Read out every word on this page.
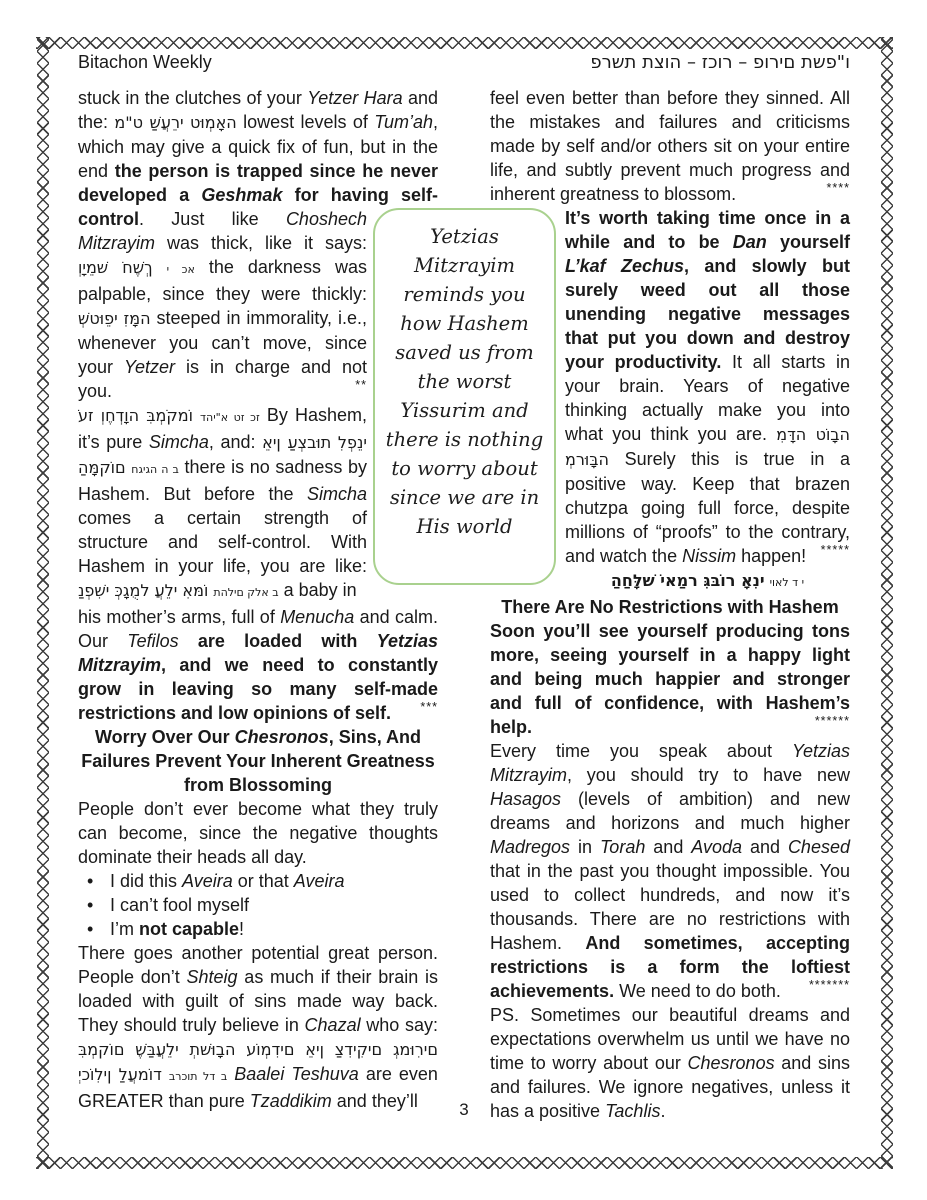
Bitachon Weekly	פרשת תצוה – זכור – פורים תשפ"ו

stuck in the clutches of your Yetzer Hara and the: מ"ט שַׁעֲרֵי טוּמְאָה lowest levels of Tum’ah, which may give a quick fix of fun, but in the end the person is trapped since he never developed a Geshmak for having self-

control. Just like Choshech Mitzrayim was thick, like it says: וְיָמֵשׁ חֹשֶׁךְ י כא the darkness was palpable, since they were thickly: שְׁטוּפֵי זִמָּה steeped in immorality, i.e., whenever you can’t move, since your Yetzer is in charge and not you.	**

עֹז וְחֶדְוָה בִּמְקֹמוֹ דהי"א טז כז By Hashem, it’s pure Simcha, and: אֵין עַצְבוּת לִפְנֵי הַמָּקוֹם חגיגה ה ב there is no sadness by Hashem. But before the Simcha comes a certain strength of structure and self-control. With Hashem in your life, you are like: נַפְשִׁי כְּגָמֻל עֲלֵי אִמּוֹ תהלים קלא ב a baby in

his mother’s arms, full of Menucha and calm. Our Tefilos are loaded with Yetzias Mitzrayim, and we need to constantly grow in leaving so many self-made restrictions and low opinions of self. ***

Worry Over Our Chesronos, Sins, And Failures Prevent Your Inherent Greatness from Blossoming

People don’t ever become what they truly can become, since the negative thoughts dominate their heads all day.

• I did this Aveira or that Aveira
• I can’t fool myself
• I’m not capable!

There goes another potential great person. People don’t Shteig as much if their brain is loaded with guilt of sins made way back. They should truly believe in Chazal who say: בִּמְקוֹם שֶׁבַּעֲלֵי תְשׁוּבָה עוֹמְדִים אֵין צַדִיקִים גְמוּרִים יְכוֹלִין לַעֲמוֹד ברכות לד ב Baalei Teshuva are even GREATER than pure Tzaddikim and they’ll

feel even better than before they sinned. All the mistakes and failures and criticisms made by self and/or others sit on your entire life, and subtly prevent much progress and inherent greatness to blossom.	****

It’s worth taking time once in a while and to be Dan yourself L’kaf Zechus, and slowly but surely weed out all those unending negative messages that put you down and destroy your productivity. It all starts in your brain. Years of negative thinking actually make you into what you think you are. מִדָּה טוֹבָה מְרוּבָּה Surely this is true in a positive way. Keep that brazen chutzpa going full force, despite millions of “proofs” to the contrary, and watch the Nissim happen! *****

הַחַלָּשׁ יֹאמַר גִּבּוֹר אָנִי יואל ד י

There Are No Restrictions with Hashem

Soon you’ll see yourself producing tons more, seeing yourself in a happy light and being much happier and stronger and full of confidence, with Hashem’s help.	******

Every time you speak about Yetzias Mitzrayim, you should try to have new Hasagos (levels of ambition) and new dreams and horizons and much higher Madregos in Torah and Avoda and Chesed that in the past you thought impossible. You used to collect hundreds, and now it’s thousands. There are no restrictions with Hashem. And sometimes, accepting restrictions is a form the loftiest achievements. We need to do both. *******

PS. Sometimes our beautiful dreams and expectations overwhelm us until we have no time to worry about our Chesronos and sins and failures. We ignore negatives, unless it has a positive Tachlis.

Yetzias Mitzrayim reminds you how Hashem saved us from the worst Yissurim and there is nothing to worry about since we are in His world
3
